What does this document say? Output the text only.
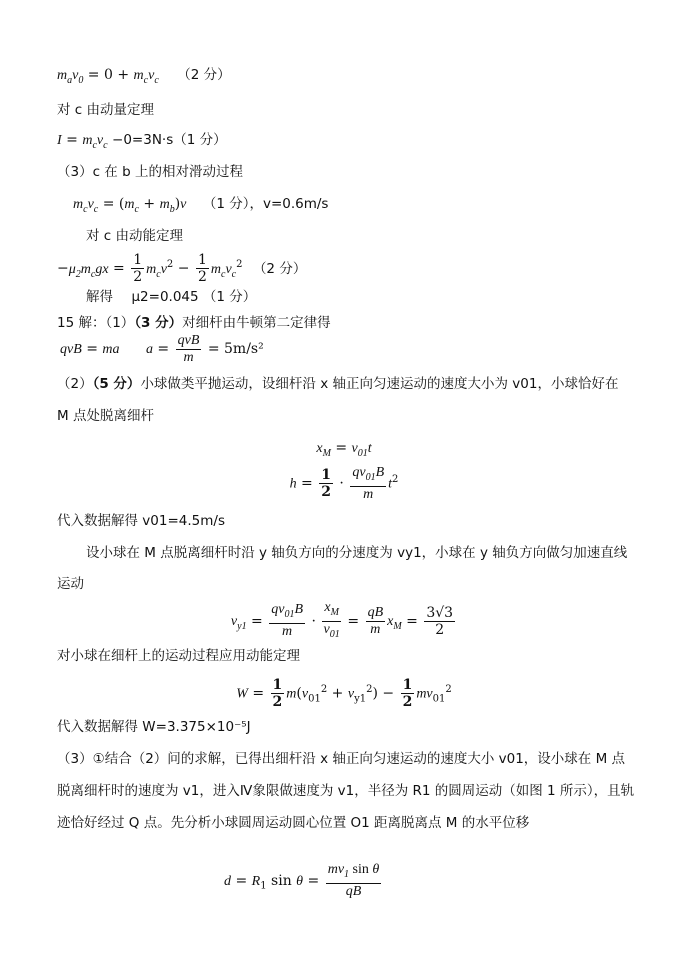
$m_av_0 = 0 + m_cv_c$ （2 分）
对 c 由动量定理
$I = m_cv_c -0=3N\cdot s(1$ 分）
（3）c 在 b 上的相对滑动过程
$m_cv_c = (m_c + m_b)v$ （1 分），v=0.6m/s
对 c 由动能定理
$-\mu_2m_cgx = \frac{1}{2} m_cv^2 - \frac{1}{2} m_cv_c^2$ （2 分）
解得 μ2=0.045 （1 分）
15 解：（1）（3 分）对细杆由牛顿第二定律得
qvB = ma $a = \frac{\text{qvB}}{m} = 5m/s^2$
（2）（5 分）小球做类平抛运动，设细杆沿 x 轴正向匀速运动的速度大小为 v01，小球恰好在
M 点处脱离细杆
$x_M = v_{01}t$
$h = \frac{1}{2} \cdot \frac{qv_{01}B}{m} t^2$
代入数据解得 v01=4.5m/s
设小球在 M 点脱离细杆时沿 y 轴负方向的分速度为 vy1，小球在 y 轴负方向做匀加速直线
运动
$v_{y1} = \frac{qv_{01}B}{m} \cdot \frac{x_M}{v_{01}} = \frac{qB}{m} x_M = \frac{3√3}{2}$
对小球在细杆上的运动过程应用动能定理
$W = \frac{1}{2} m(v_{01}^2 + v_{y1}^2) - \frac{1}{2} mv_{01}^2$
代入数据解得 W=3.375×10⁻⁵J
（3）①结合（2）问的求解，已得出细杆沿 x 轴正向匀速运动的速度大小 v01，设小球在 M 点
脱离细杆时的速度为 v1，进入Ⅳ象限做速度为 v1，半径为 R1 的圆周运动（如图 1 所示），且轨
迹恰好经过 Q 点。先分析小球圆周运动圆心位置 O1 距离脱离点 M 的水平位移
$d = R_1$ $\sin \theta = \frac{mv_1 \sin \theta}{qB}$
